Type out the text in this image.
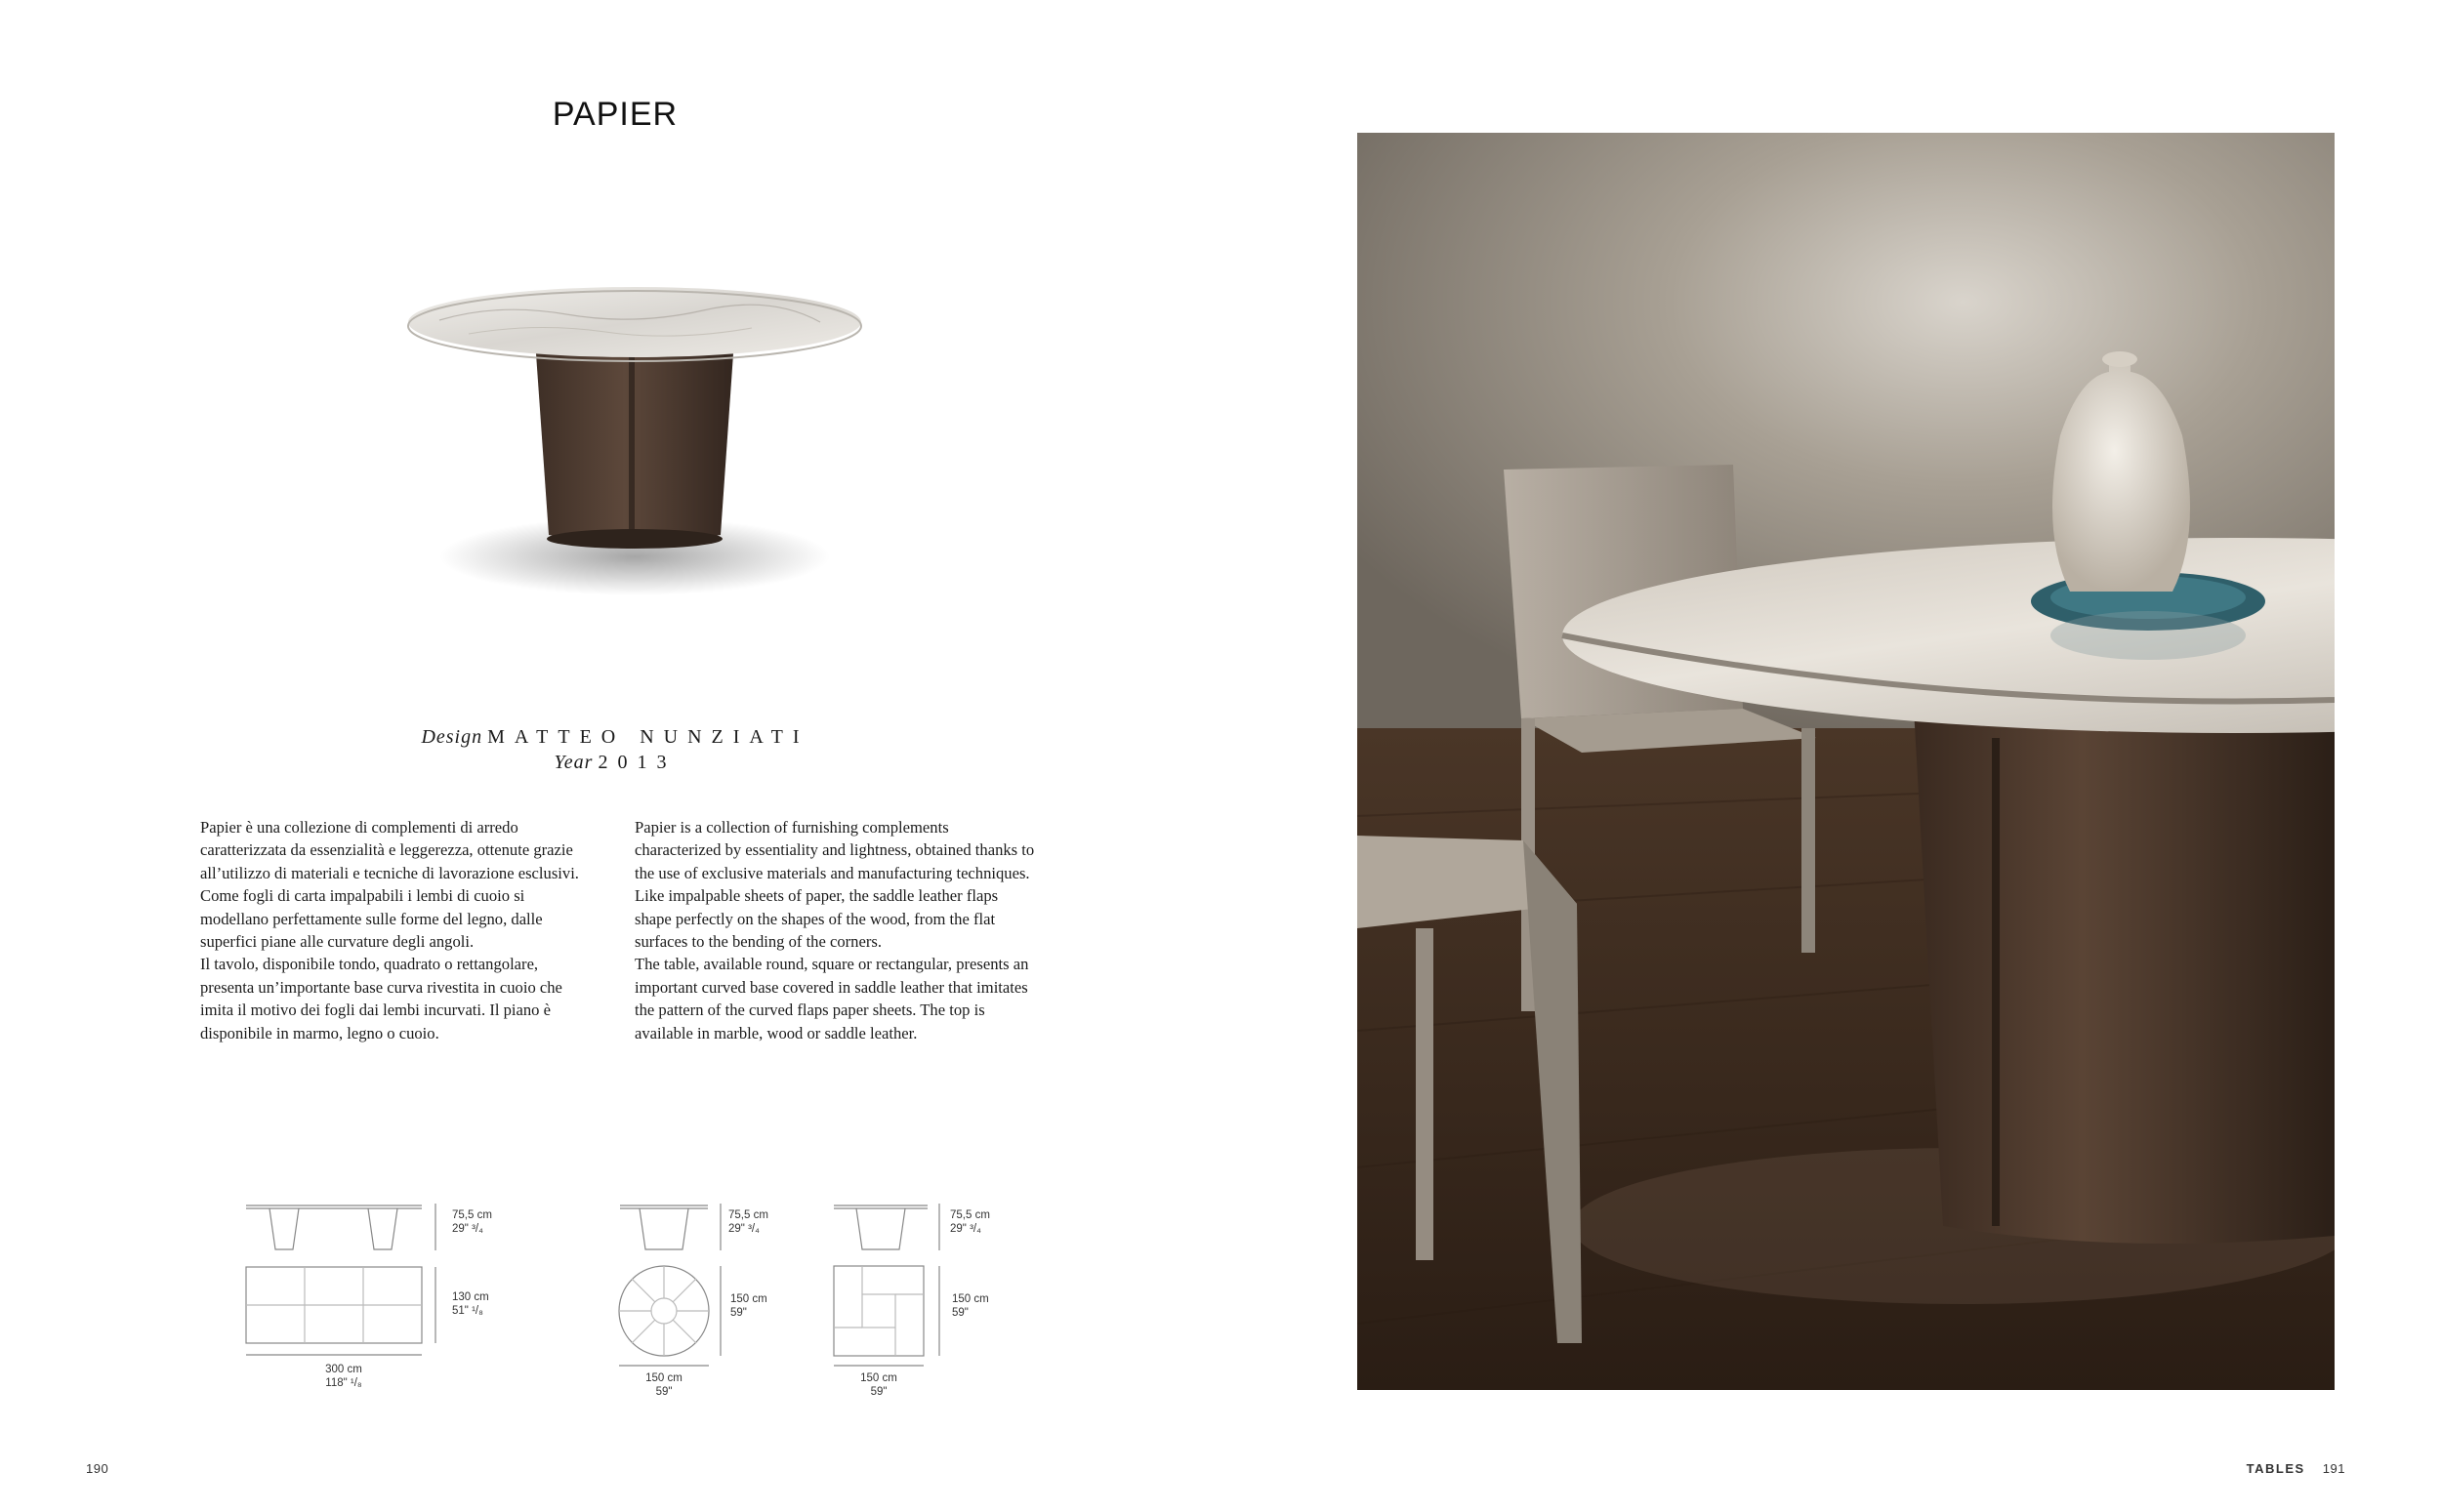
PAPIER
Design MATTEO NUNZIATI
Year 2013

Papier è una collezione di complementi di arredo caratterizzata da essenzialità e leggerezza, ottenute grazie all’utilizzo di materiali e tecniche di lavorazione esclusivi. Come fogli di carta impalpabili i lembi di cuoio si modellano perfettamente sulle forme del legno, dalle superfici piane alle curvature degli angoli.

Il tavolo, disponibile tondo, quadrato o rettangolare, presenta un’importante base curva rivestita in cuoio che imita il motivo dei fogli dai lembi incurvati. Il piano è disponibile in marmo, legno o cuoio.

Papier is a collection of furnishing complements characterized by essentiality and lightness, obtained thanks to the use of exclusive materials and manufacturing techniques. Like impalpable sheets of paper, the saddle leather flaps shape perfectly on the shapes of the wood, from the flat surfaces to the bending of the corners.

The table, available round, square or rectangular, presents an important curved base covered in saddle leather that imitates the pattern of the curved flaps paper sheets. The top is available in marble, wood or saddle leather.

75,5 cm
29" ³/₄
130 cm
51" ¹/₈
300 cm
118" ¹/₈
75,5 cm
29" ³/₄
150 cm
59"
150 cm
59"
75,5 cm
29" ³/₄
150 cm
59"
150 cm
59"
190	TABLES 191
